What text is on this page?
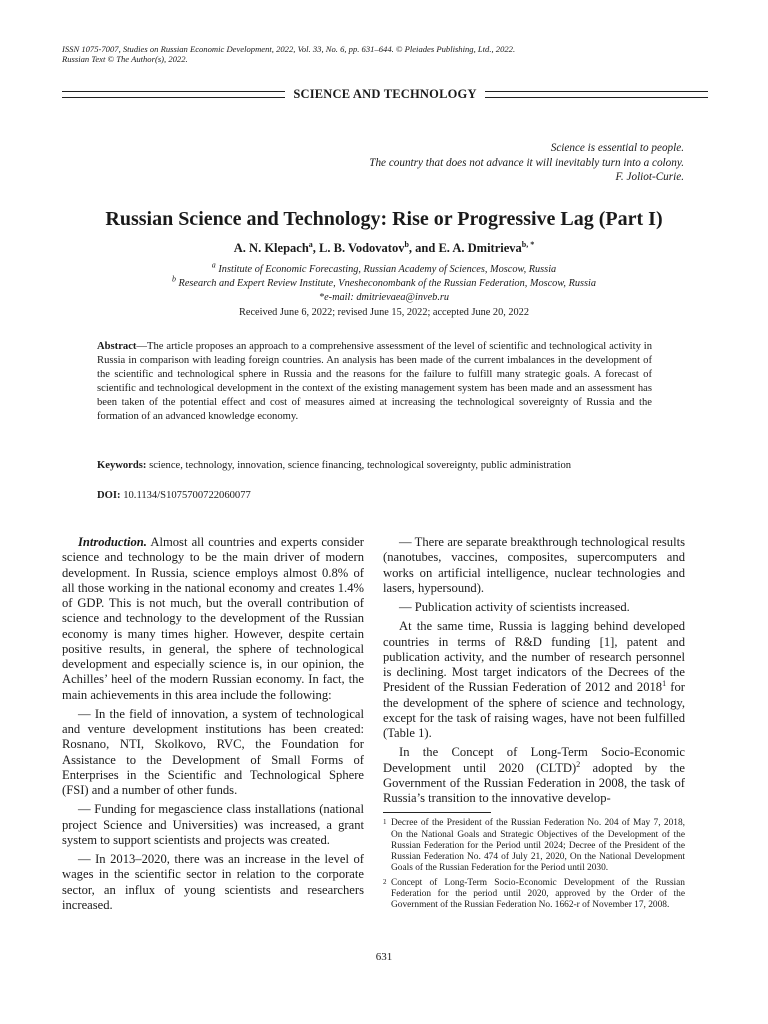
ISSN 1075-7007, Studies on Russian Economic Development, 2022, Vol. 33, No. 6, pp. 631–644. © Pleiades Publishing, Ltd., 2022.
Russian Text © The Author(s), 2022.
SCIENCE AND TECHNOLOGY
Science is essential to people.
The country that does not advance it will inevitably turn into a colony.
F. Joliot-Curie.
Russian Science and Technology: Rise or Progressive Lag (Part I)
A. N. Klepach$^a$, L. B. Vodovatov$^b$, and E. A. Dmitrieva$^{b, *}$
$^a$ Institute of Economic Forecasting, Russian Academy of Sciences, Moscow, Russia
$^b$ Research and Expert Review Institute, Vnesheconombank of the Russian Federation, Moscow, Russia
*e-mail: dmitrievaea@inveb.ru
Received June 6, 2022; revised June 15, 2022; accepted June 20, 2022
Abstract—The article proposes an approach to a comprehensive assessment of the level of scientific and technological activity in Russia in comparison with leading foreign countries. An analysis has been made of the current imbalances in the development of the scientific and technological sphere in Russia and the reasons for the failure to fulfill many strategic goals. A forecast of scientific and technological development in the context of the existing management system has been made and an assessment has been taken of the potential effect and cost of measures aimed at increasing the technological sovereignty of Russia and the formation of an advanced knowledge economy.
Keywords: science, technology, innovation, science financing, technological sovereignty, public administration
DOI: 10.1134/S1075700722060077

Introduction. Almost all countries and experts consider science and technology to be the main driver of modern development. In Russia, science employs almost 0.8% of all those working in the national economy and creates 1.4% of GDP. This is not much, but the overall contribution of science and technology to the development of the Russian economy is many times higher. However, despite certain positive results, in general, the sphere of technological development and especially science is, in our opinion, the Achilles’ heel of the modern Russian economy. In fact, the main achievements in this area include the following:

— In the field of innovation, a system of technological and venture development institutions has been created: Rosnano, NTI, Skolkovo, RVC, the Foundation for Assistance to the Development of Small Forms of Enterprises in the Scientific and Technological Sphere (FSI) and a number of other funds.

— Funding for megascience class installations (national project Science and Universities) was increased, a grant system to support scientists and projects was created.

— In 2013–2020, there was an increase in the level of wages in the scientific sector in relation to the corporate sector, an influx of young scientists and researchers increased.

— There are separate breakthrough technological results (nanotubes, vaccines, composites, supercomputers and works on artificial intelligence, nuclear technologies and lasers, hypersound).

— Publication activity of scientists increased.

At the same time, Russia is lagging behind developed countries in terms of R&D funding [1], patent and publication activity, and the number of research personnel is declining. Most target indicators of the Decrees of the President of the Russian Federation of 2012 and 2018$^1$ for the development of the sphere of science and technology, except for the task of raising wages, have not been fulfilled (Table 1).

In the Concept of Long-Term Socio-Economic Development until 2020 (CLTD)$^2$ adopted by the Government of the Russian Federation in 2008, the task of Russia’s transition to the innovative develop-

1 Decree of the President of the Russian Federation No. 204 of May 7, 2018, On the National Goals and Strategic Objectives of the Development of the Russian Federation for the Period until 2024; Decree of the President of the Russian Federation No. 474 of July 21, 2020, On the National Development Goals of the Russian Federation for the Period until 2030.
2 Concept of Long-Term Socio-Economic Development of the Russian Federation for the period until 2020, approved by the Order of the Government of the Russian Federation No. 1662-r of November 17, 2008.
631
